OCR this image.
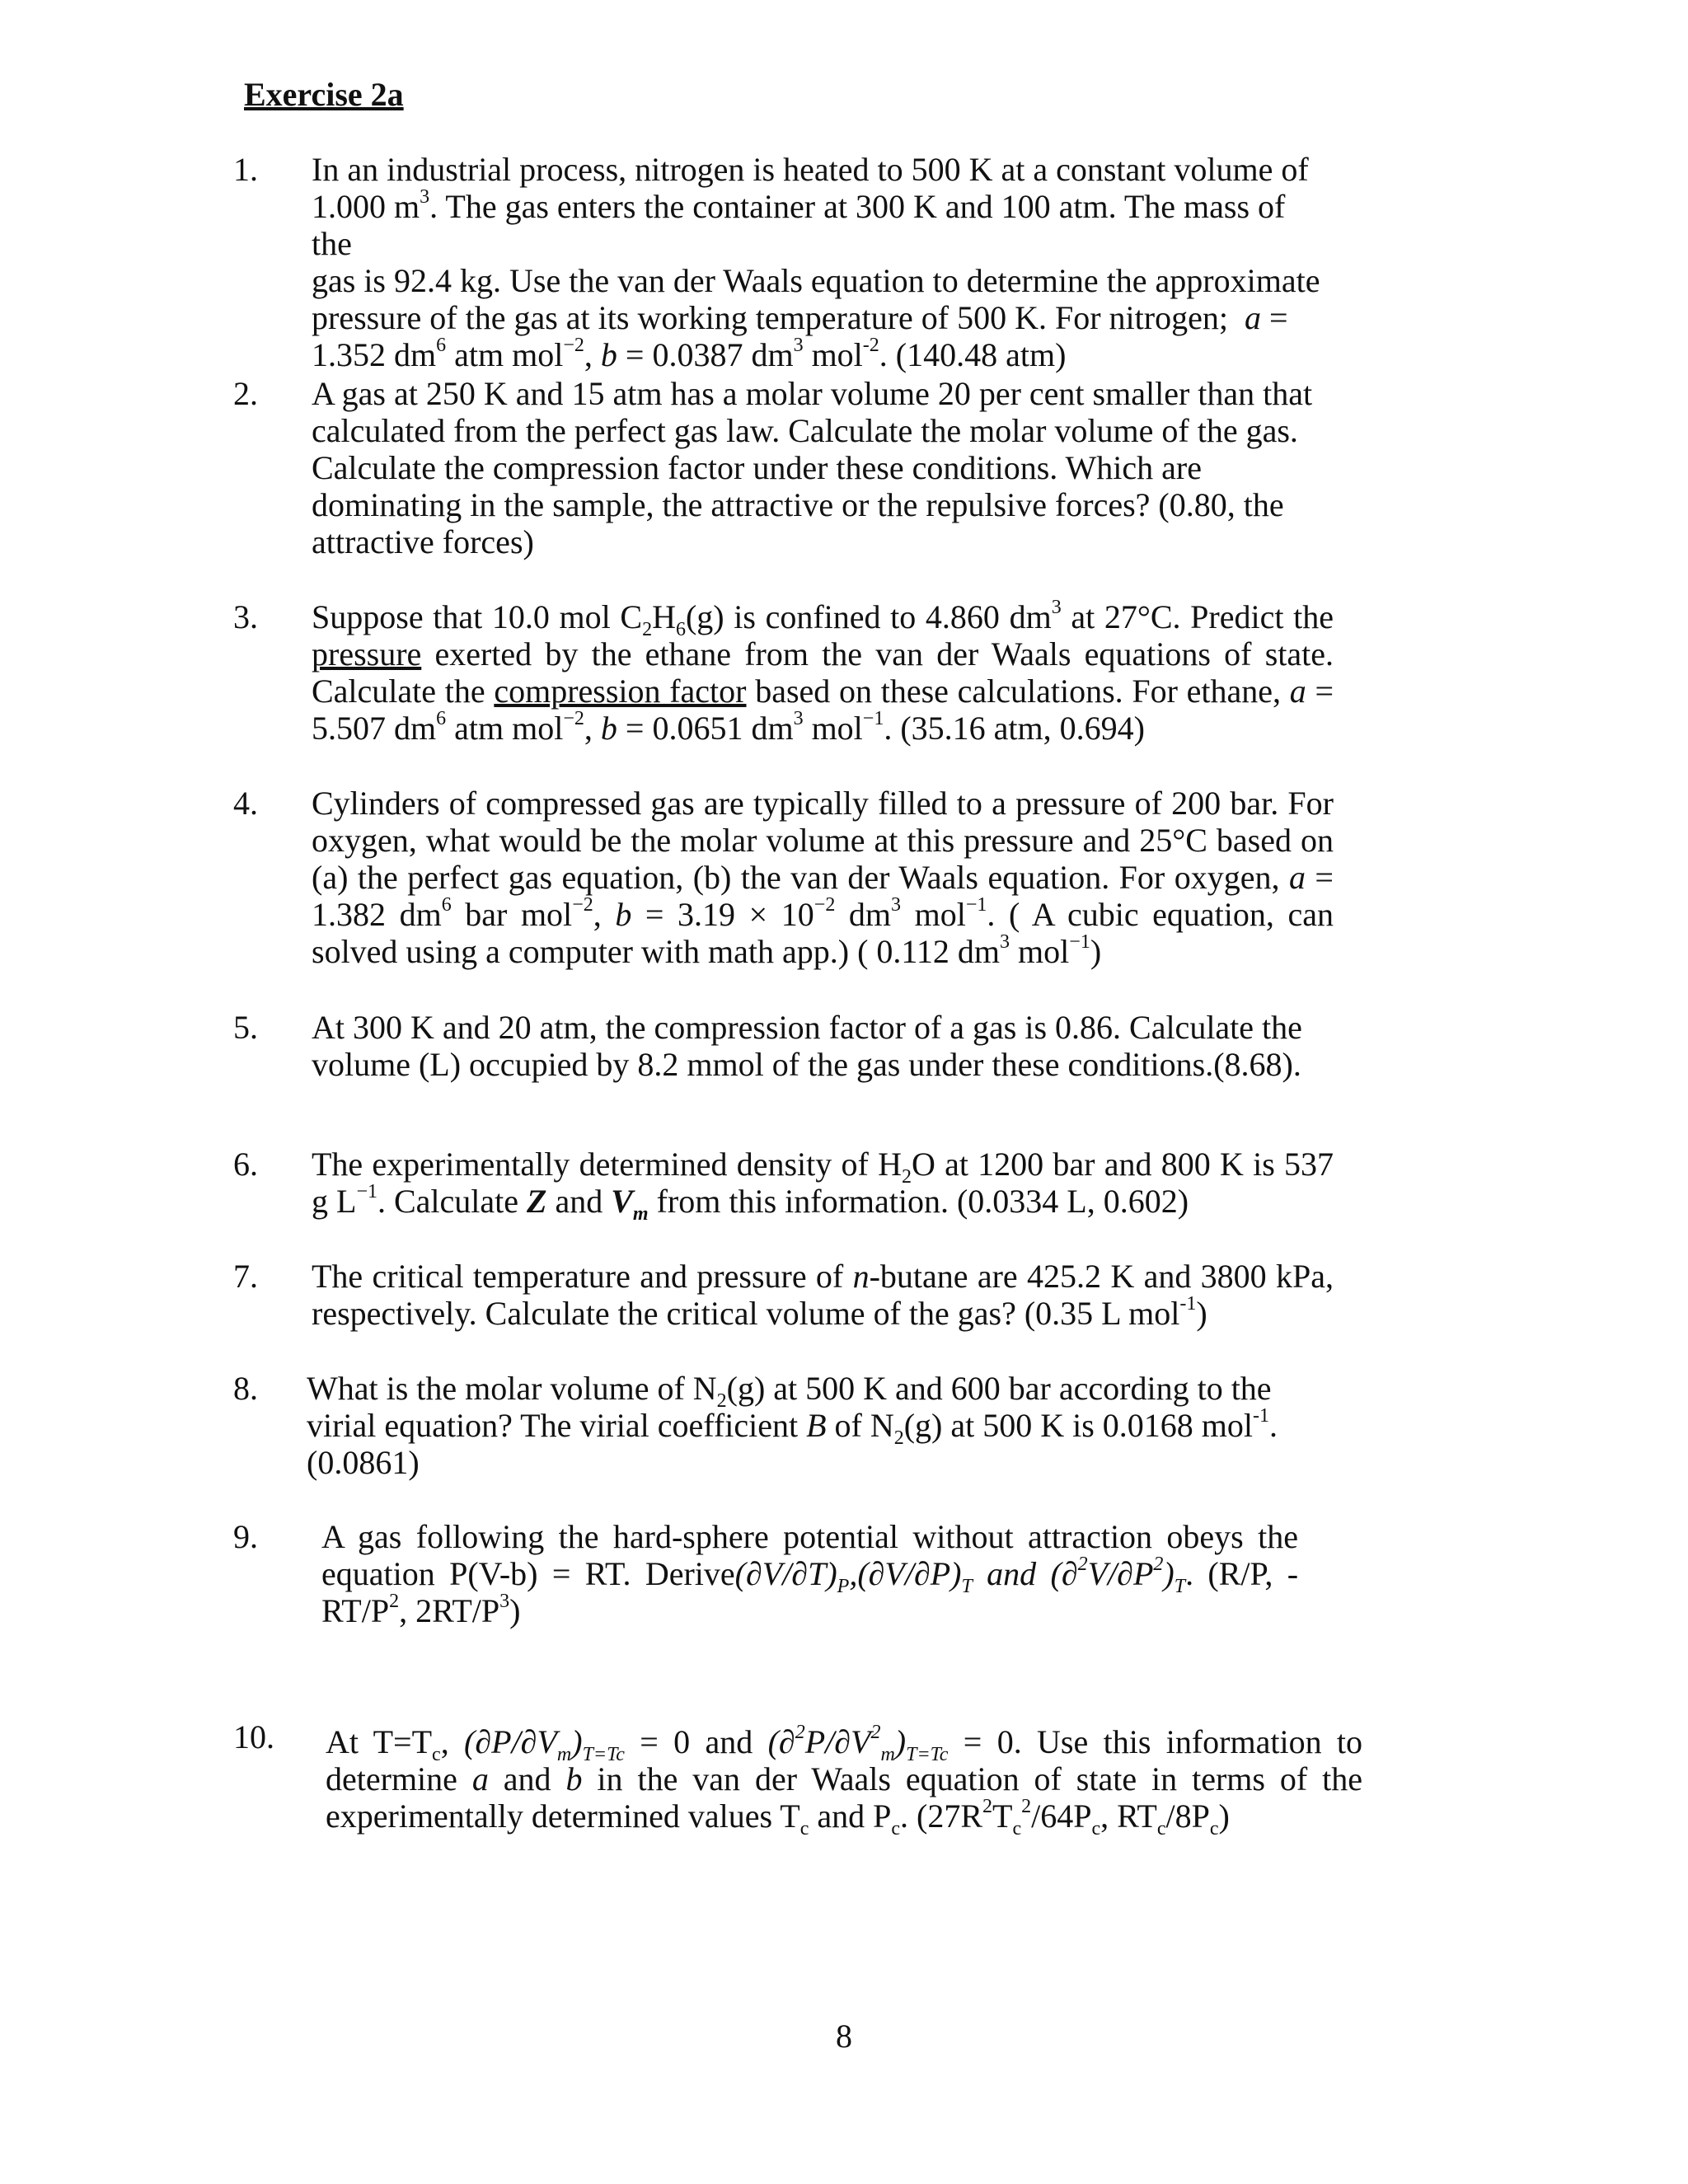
Exercise 2a
1. In an industrial process, nitrogen is heated to 500 K at a constant volume of
1.000 $m^3$. The gas enters the container at 300 K and 100 atm. The mass of the
gas is 92.4 kg. Use the van der Waals equation to determine the approximate
pressure of the gas at its working temperature of 500 K. For nitrogen; a =
1.352 $dm^6$ atm mol$^{-2}$, b = 0.0387 $dm^3$ mol$^{-2}$. (140.48 atm)
2. A gas at 250 K and 15 atm has a molar volume 20 per cent smaller than that calculated from the perfect gas law. Calculate the molar volume of the gas. Calculate the compression factor under these conditions. Which are dominating in the sample, the attractive or the repulsive forces? (0.80, the attractive forces)
3. Suppose that 10.0 mol $C_2H_6(g)$ is confined to 4.860 $dm^3$ at 27°C. Predict the pressure exerted by the ethane from the van der Waals equations of state. Calculate the compression factor based on these calculations. For ethane, a = 5.507 $dm^6$ atm mol$^{-2}$, b = 0.0651 $dm^3$ mol$^{-1}$. (35.16 atm, 0.694)
4. Cylinders of compressed gas are typically filled to a pressure of 200 bar. For oxygen, what would be the molar volume at this pressure and 25°C based on (a) the perfect gas equation, (b) the van der Waals equation. For oxygen, a = 1.382 $dm^6$ bar mol$^{-2}$, $b = 3.19 \times 10^{-2}$ $dm^3$ mol$^{-1}$. ( A cubic equation, can solved using a computer with math app.) ( 0.112 $dm^3$ mol$^{-1}$)
5. At 300 K and 20 atm, the compression factor of a gas is 0.86. Calculate the volume (L) occupied by 8.2 mmol of the gas under these conditions.(8.68).
6. The experimentally determined density of $H_2O$ at 1200 bar and 800 K is 537 g $L^{-1}$. Calculate Z and $V_m$ from this information. (0.0334 L, 0.602)
7. The critical temperature and pressure of n-butane are 425.2 K and 3800 kPa, respectively. Calculate the critical volume of the gas? (0.35 L mol$^{-1}$)
8. What is the molar volume of $N_2(g)$ at 500 K and 600 bar according to the virial equation? The virial coefficient B of $N_2(g)$ at 500 K is 0.0168 mol$^{-1}$.
(0.0861)
9. A gas following the hard-sphere potential without attraction obeys the equation P(V-b) = RT. $Derive(\partial V/\partial T)_P,(\partial V/\partial P)_T$ and $(\partial^2V/\partial P^2)_T$. (R/P, $-RT/P^2$, $2RT/P^3$)
10. At $T=T_c$, $(\partial P/\partial V_m)_{T=Tc} = 0$ and $(\partial^2P/\partial V^2_m)_{T=Tc} = 0$. Use this information to determine a and b in the van der Waals equation of state in terms of the experimentally determined values $T_c$ and $P_c$. ($27R^2T_c^2/64P_c$, $RT_c/8P_c$)
8
